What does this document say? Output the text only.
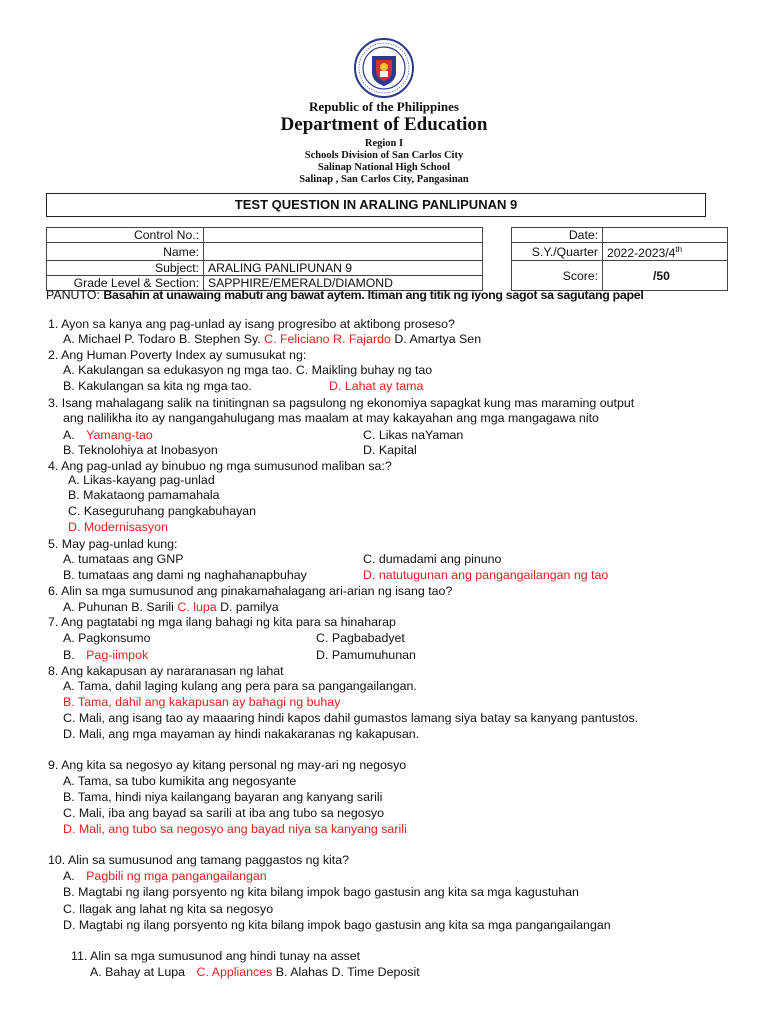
Republic of the Philippines
Department of Education
Region I
Schools Division of San Carlos City
Salinap National High School
Salinap , San Carlos City, Pangasinan
TEST QUESTION IN ARALING PANLIPUNAN 9
Control No.:			Date:	
Name:			S.Y./Quarter	2022-2023/4th
Subject:	ARALING PANLIPUNAN 9		Score:	/50
Grade Level & Section:	SAPPHIRE/EMERALD/DIAMOND			
PANUTO: Basahin at unawaing mabuti ang bawat aytem. Itiman ang titik ng iyong sagot sa sagutang papel
1. Ayon sa kanya ang pag-unlad ay isang progresibo at aktibong proseso?
A. Michael P. Todaro B. Stephen Sy. C. Feliciano R. Fajardo D. Amartya Sen
2. Ang Human Poverty Index ay sumusukat ng:
A. Kakulangan sa edukasyon ng mga tao. C. Maikling buhay ng tao
B. Kakulangan sa kita ng mga tao.	D. Lahat ay tama
3. Isang mahalagang salik na tinitingnan sa pagsulong ng ekonomiya sapagkat kung mas maraming output
ang nalilikha ito ay nangangahulugang mas maalam at may kakayahan ang mga mangagawa nito
A. Yamang-tao	C. Likas naYaman
B. Teknolohiya at Inobasyon	D. Kapital
4. Ang pag-unlad ay binubuo ng mga sumusunod maliban sa:?
A. Likas-kayang pag-unlad
B. Makataong pamamahala
C. Kaseguruhang pangkabuhayan
D. Modernisasyon
5. May pag-unlad kung:
A. tumataas ang GNP	C. dumadami ang pinuno
B. tumataas ang dami ng naghahanapbuhay	D. natutugunan ang pangangailangan ng tao
6. Alin sa mga sumusunod ang pinakamahalagang ari-arian ng isang tao?
A. Puhunan B. Sarili C. lupa D. pamilya
7. Ang pagtatabi ng mga ilang bahagi ng kita para sa hinaharap
A. Pagkonsumo	C. Pagbabadyet
B. Pag-iimpok	D. Pamumuhunan
8. Ang kakapusan ay nararanasan ng lahat
A. Tama, dahil laging kulang ang pera para sa pangangailangan.
B. Tama, dahil ang kakapusan ay bahagi ng buhay
C. Mali, ang isang tao ay maaaring hindi kapos dahil gumastos lamang siya batay sa kanyang pantustos.
D. Mali, ang mga mayaman ay hindi nakakaranas ng kakapusan.
9. Ang kita sa negosyo ay kitang personal ng may-ari ng negosyo
A. Tama, sa tubo kumikita ang negosyante
B. Tama, hindi niya kailangang bayaran ang kanyang sarili
C. Mali, iba ang bayad sa sarili at iba ang tubo sa negosyo
D. Mali, ang tubo sa negosyo ang bayad niya sa kanyang sarili
10. Alin sa sumusunod ang tamang paggastos ng kita?
A. Pagbili ng mga pangangailangan
B. Magtabi ng ilang porsyento ng kita bilang impok bago gastusin ang kita sa mga kagustuhan
C. Ilagak ang lahat ng kita sa negosyo
D. Magtabi ng ilang porsyento ng kita bilang impok bago gastusin ang kita sa mga pangangailangan
11. Alin sa mga sumusunod ang hindi tunay na asset
A. Bahay at Lupa C. Appliances B. Alahas D. Time Deposit
